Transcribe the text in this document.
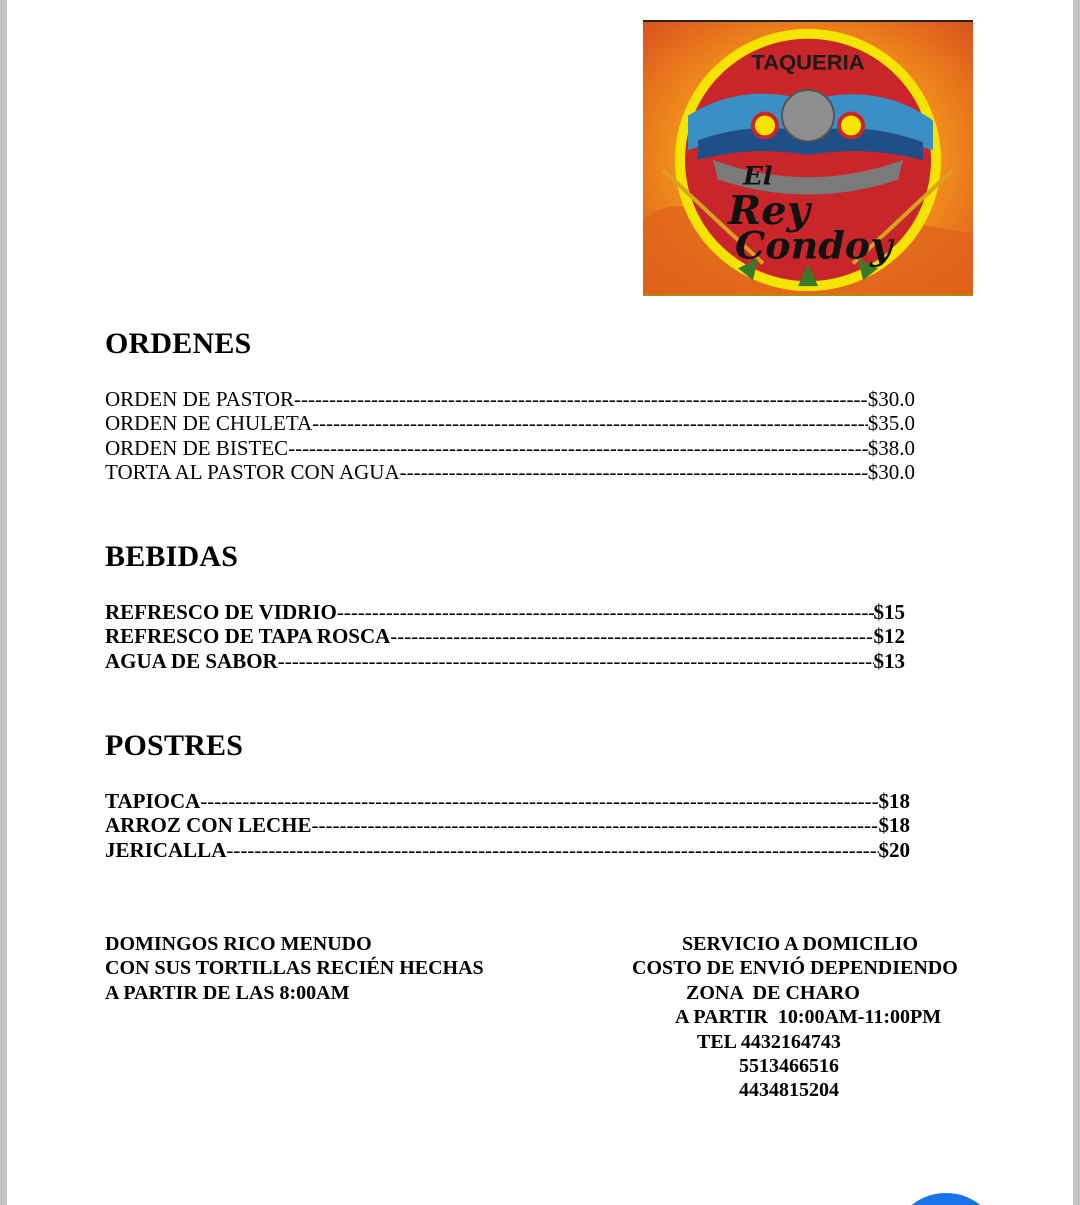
TAQUERIA
El
Rey
Condoy
ORDENES
ORDEN DE PASTOR -----	$30.0
ORDEN DE CHULETA -----	$35.0
ORDEN DE BISTEC -----	$38.0
TORTA AL PASTOR CON AGUA -----	$30.0
BEBIDAS
REFRESCO DE VIDRIO -----	$15
REFRESCO DE TAPA ROSCA -----	$12
AGUA DE SABOR -----	$13
POSTRES
TAPIOCA -----	$18
ARROZ CON LECHE -----	$18
JERICALLA -----	$20
DOMINGOS RICO MENUDO
CON SUS TORTILLAS RECIÉN HECHAS
A PARTIR DE LAS 8:00AM
SERVICIO A DOMICILIO
COSTO DE ENVIÓ DEPENDIENDO
ZONA  DE CHARO
A PARTIR  10:00AM-11:00PM
TEL 4432164743
5513466516
4434815204
